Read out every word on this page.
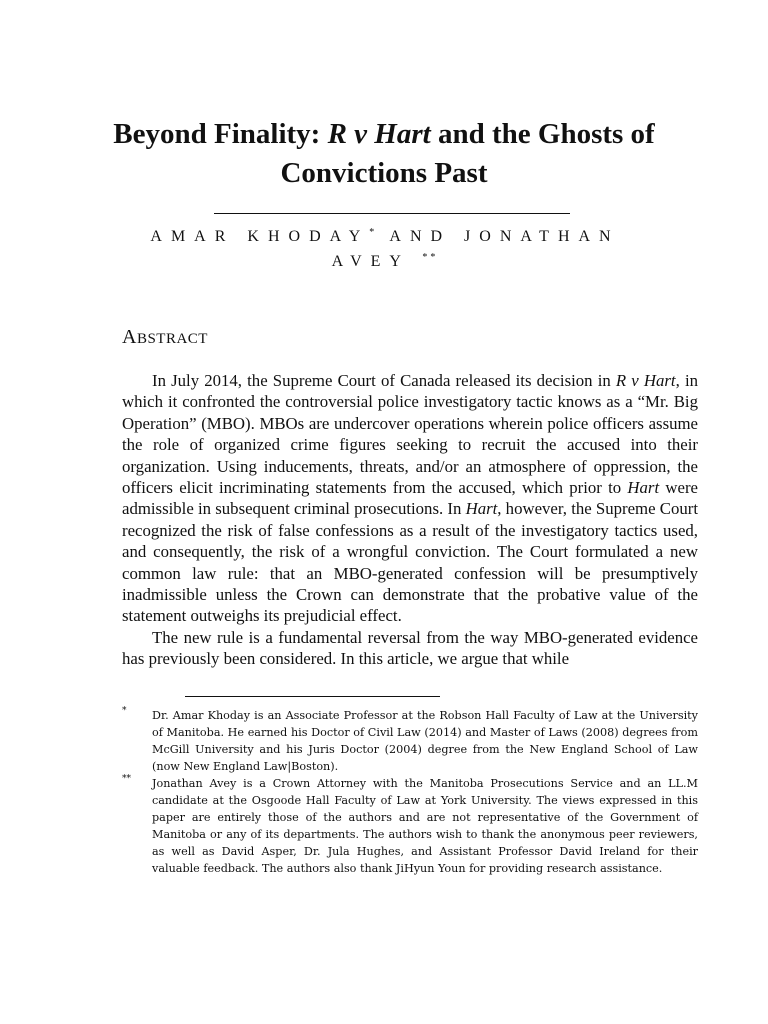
Beyond Finality: R v Hart and the Ghosts of Convictions Past
AMAR KHODAY* AND JONATHAN AVEY **
ABSTRACT

In July 2014, the Supreme Court of Canada released its decision in R v Hart, in which it confronted the controversial police investigatory tactic knows as a “Mr. Big Operation” (MBO). MBOs are undercover operations wherein police officers assume the role of organized crime figures seeking to recruit the accused into their organization. Using inducements, threats, and/or an atmosphere of oppression, the officers elicit incriminating statements from the accused, which prior to Hart were admissible in subsequent criminal prosecutions. In Hart, however, the Supreme Court recognized the risk of false confessions as a result of the investigatory tactics used, and consequently, the risk of a wrongful conviction. The Court formulated a new common law rule: that an MBO-generated confession will be presumptively inadmissible unless the Crown can demonstrate that the probative value of the statement outweighs its prejudicial effect.

The new rule is a fundamental reversal from the way MBO-generated evidence has previously been considered. In this article, we argue that while

* Dr. Amar Khoday is an Associate Professor at the Robson Hall Faculty of Law at the University of Manitoba. He earned his Doctor of Civil Law (2014) and Master of Laws (2008) degrees from McGill University and his Juris Doctor (2004) degree from the New England School of Law (now New England Law|Boston).
** Jonathan Avey is a Crown Attorney with the Manitoba Prosecutions Service and an LL.M candidate at the Osgoode Hall Faculty of Law at York University. The views expressed in this paper are entirely those of the authors and are not representative of the Government of Manitoba or any of its departments. The authors wish to thank the anonymous peer reviewers, as well as David Asper, Dr. Jula Hughes, and Assistant Professor David Ireland for their valuable feedback. The authors also thank JiHyun Youn for providing research assistance.
